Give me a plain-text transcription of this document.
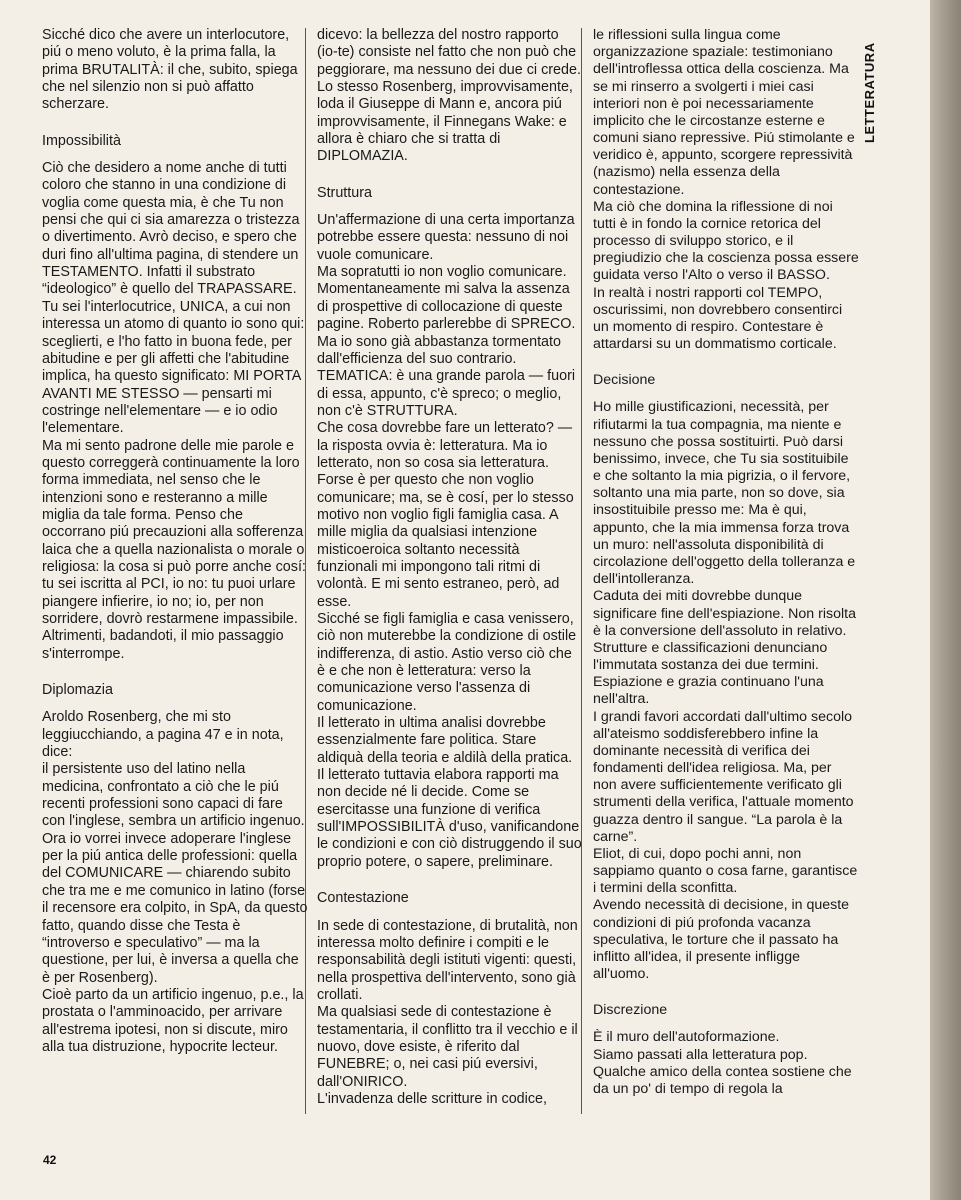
Sicché dico che avere un interlocutore, piú o meno voluto, è la prima falla, la prima BRUTALITÀ: il che, subito, spiega che nel silenzio non si può affatto scherzare.

Impossibilità

Ciò che desidero a nome anche di tutti coloro che stanno in una condizione di voglia come questa mia, è che Tu non pensi che qui ci sia amarezza o tristezza o divertimento. Avrò deciso, e spero che duri fino all'ultima pagina, di stendere un TESTAMENTO. Infatti il substrato “ideologico” è quello del TRAPASSARE. Tu sei l'interlocutrice, UNICA, a cui non interessa un atomo di quanto io sono qui: sceglierti, e l'ho fatto in buona fede, per abitudine e per gli affetti che l'abitudine implica, ha questo significato: MI PORTA AVANTI ME STESSO — pensarti mi costringe nell'elementare — e io odio l'elementare.

Ma mi sento padrone delle mie parole e questo correggerà continuamente la loro forma immediata, nel senso che le intenzioni sono e resteranno a mille miglia da tale forma. Penso che occorrano piú precauzioni alla sofferenza laica che a quella nazionalista o morale o religiosa: la cosa si può porre anche cosí: tu sei iscritta al PCI, io no: tu puoi urlare piangere infierire, io no; io, per non sorridere, dovrò restarmene impassibile.

Altrimenti, badandoti, il mio passaggio s'interrompe.

Diplomazia

Aroldo Rosenberg, che mi sto leggiucchiando, a pagina 47 e in nota, dice:

il persistente uso del latino nella medicina, confrontato a ciò che le piú recenti professioni sono capaci di fare con l'inglese, sembra un artificio ingenuo.

Ora io vorrei invece adoperare l'inglese per la piú antica delle professioni: quella del COMUNICARE — chiarendo subito che tra me e me comunico in latino (forse il recensore era colpito, in SpA, da questo fatto, quando disse che Testa è “introverso e speculativo” — ma la questione, per lui, è inversa a quella che è per Rosenberg).

Cioè parto da un artificio ingenuo, p.e., la prostata o l'amminoacido, per arrivare all'estrema ipotesi, non si discute, miro alla tua distruzione, hypocrite lecteur.

dicevo: la bellezza del nostro rapporto (io-te) consiste nel fatto che non può che peggiorare, ma nessuno dei due ci crede.

Lo stesso Rosenberg, improvvisamente, loda il Giuseppe di Mann e, ancora piú improvvisamente, il Finnegans Wake: e allora è chiaro che si tratta di DIPLOMAZIA.

Struttura

Un'affermazione di una certa importanza potrebbe essere questa: nessuno di noi vuole comunicare.

Ma sopratutti io non voglio comunicare. Momentaneamente mi salva la assenza di prospettive di collocazione di queste pagine. Roberto parlerebbe di SPRECO. Ma io sono già abbastanza tormentato dall'efficienza del suo contrario.

TEMATICA: è una grande parola — fuori di essa, appunto, c'è spreco; o meglio, non c'è STRUTTURA.

Che cosa dovrebbe fare un letterato? — la risposta ovvia è: letteratura. Ma io letterato, non so cosa sia letteratura. Forse è per questo che non voglio comunicare; ma, se è cosí, per lo stesso motivo non voglio figli famiglia casa. A mille miglia da qualsiasi intenzione misticoeroica soltanto necessità funzionali mi impongono tali ritmi di volontà. E mi sento estraneo, però, ad esse.

Sicché se figli famiglia e casa venissero, ciò non muterebbe la condizione di ostile indifferenza, di astio. Astio verso ciò che è e che non è letteratura: verso la comunicazione verso l'assenza di comunicazione.

Il letterato in ultima analisi dovrebbe essenzialmente fare politica. Stare aldiquà della teoria e aldilà della pratica.

Il letterato tuttavia elabora rapporti ma non decide né li decide. Come se esercitasse una funzione di verifica sull'IMPOSSIBILITÀ d'uso, vanificandone le condizioni e con ciò distruggendo il suo proprio potere, o sapere, preliminare.

Contestazione

In sede di contestazione, di brutalità, non interessa molto definire i compiti e le responsabilità degli istituti vigenti: questi, nella prospettiva dell'intervento, sono già crollati.

Ma qualsiasi sede di contestazione è testamentaria, il conflitto tra il vecchio e il nuovo, dove esiste, è riferito dal FUNEBRE; o, nei casi piú eversivi, dall'ONIRICO.

L'invadenza delle scritture in codice,

le riflessioni sulla lingua come organizzazione spaziale: testimoniano dell'introflessa ottica della coscienza. Ma se mi rinserro a svolgerti i miei casi interiori non è poi necessariamente implicito che le circostanze esterne e comuni siano repressive. Piú stimolante e veridico è, appunto, scorgere repressività (nazismo) nella essenza della contestazione.

Ma ciò che domina la riflessione di noi tutti è in fondo la cornice retorica del processo di sviluppo storico, e il pregiudizio che la coscienza possa essere guidata verso l'Alto o verso il BASSO.

In realtà i nostri rapporti col TEMPO, oscurissimi, non dovrebbero consentirci un momento di respiro. Contestare è attardarsi su un dommatismo corticale.

Decisione

Ho mille giustificazioni, necessità, per rifiutarmi la tua compagnia, ma niente e nessuno che possa sostituirti. Può darsi benissimo, invece, che Tu sia sostituibile e che soltanto la mia pigrizia, o il fervore, soltanto una mia parte, non so dove, sia insostituibile presso me: Ma è qui, appunto, che la mia immensa forza trova un muro: nell'assoluta disponibilità di circolazione dell'oggetto della tolleranza e dell'intolleranza.

Caduta dei miti dovrebbe dunque significare fine dell'espiazione. Non risolta è la conversione dell'assoluto in relativo. Strutture e classificazioni denunciano l'immutata sostanza dei due termini.

Espiazione e grazia continuano l'una nell'altra.

I grandi favori accordati dall'ultimo secolo all'ateismo soddisferebbero infine la dominante necessità di verifica dei fondamenti dell'idea religiosa. Ma, per non avere sufficientemente verificato gli strumenti della verifica, l'attuale momento guazza dentro il sangue. “La parola è la carne”.

Eliot, di cui, dopo pochi anni, non sappiamo quanto o cosa farne, garantisce i termini della sconfitta.

Avendo necessità di decisione, in queste condizioni di piú profonda vacanza speculativa, le torture che il passato ha inflitto all'idea, il presente infligge all'uomo.

Discrezione

È il muro dell'autoformazione.

Siamo passati alla letteratura pop. Qualche amico della contea sostiene che da un po' di tempo di regola la

LETTERATURA
42
